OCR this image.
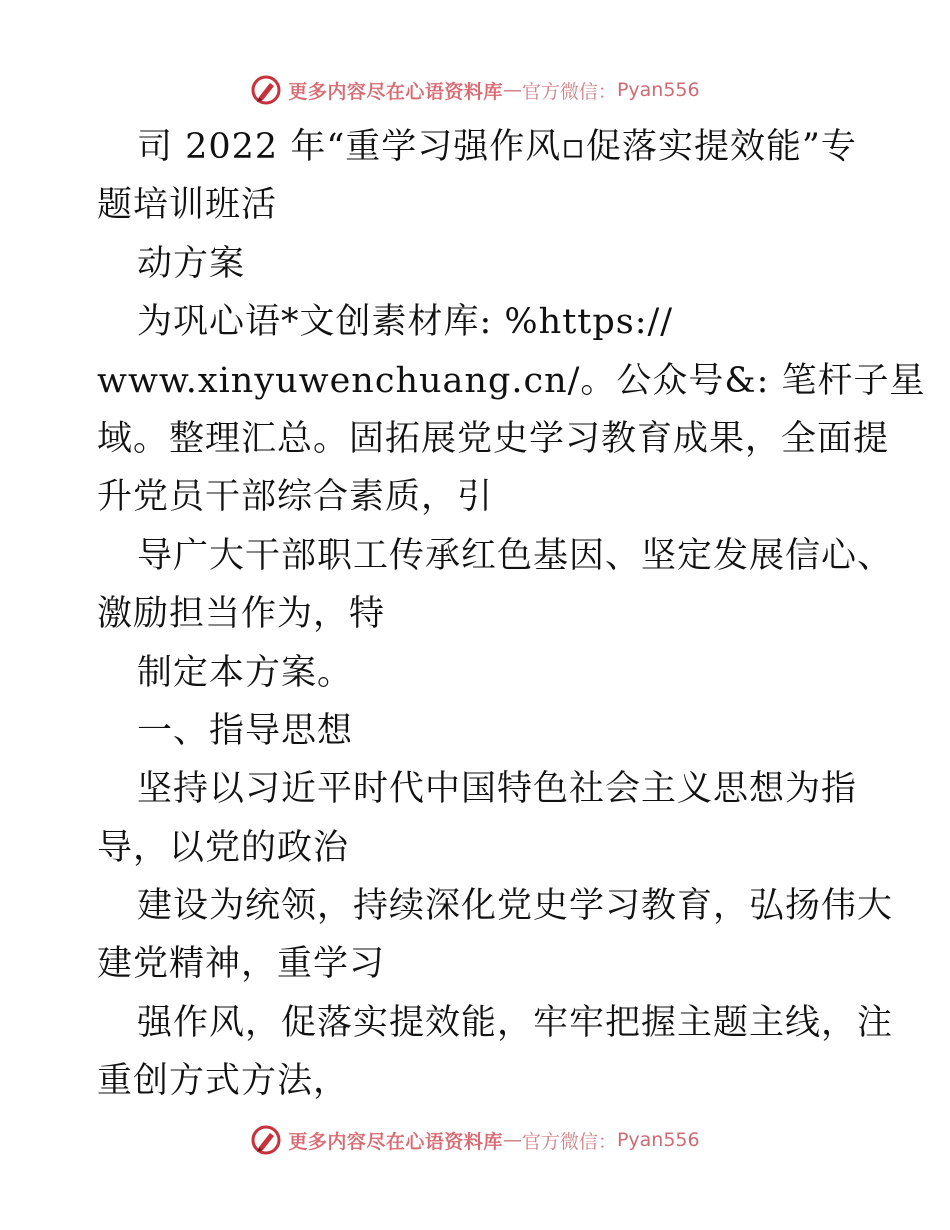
更多内容尽在心语资料库 — 官方微信： Pyan556
司 2022 年“重学习强作风▫促落实提效能”专
题培训班活
动方案
为巩心语*文创素材库: %https://
www.xinyuwenchuang.cn/。公众号&: 笔杆子星
域。整理汇总。固拓展党史学习教育成果，全面提
升党员干部综合素质，引
导广大干部职工传承红色基因、坚定发展信心、
激励担当作为，特
制定本方案。
一、指导思想
坚持以习近平时代中国特色社会主义思想为指
导，以党的政治
建设为统领，持续深化党史学习教育，弘扬伟大
建党精神，重学习
强作风，促落实提效能，牢牢把握主题主线，注
重创方式方法，
更多内容尽在心语资料库 — 官方微信： Pyan556
